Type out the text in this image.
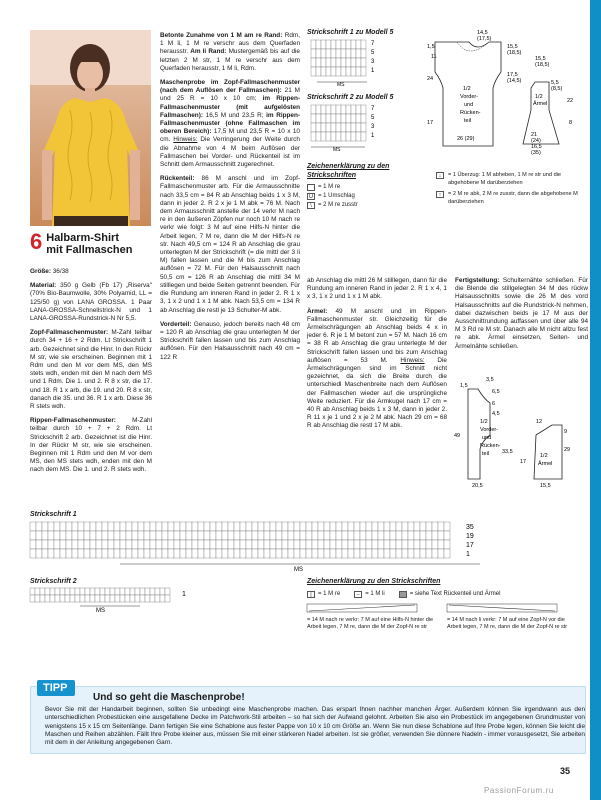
6 Halbarm-Shirt
mit Fallmaschen

Größe: 36/38

Material: 350 g Gelb (Fb 17) „Riserva" (70% Bio-Baumwolle, 30% Polyamid, LL = 125/50 g) von LANA GROSSA. 1 Paar LANA-GROSSA-Schnellstrick-N und 1 LANA-GROSSA-Rundstrick-N Nr 5,5.

Zopf-Fallmaschenmuster: M-Zahl teilbar durch 34 + 16 + 2 Rdm. Lt Strickschrift 1 arb. Gezeichnet sind die Hinr. In den Rückr M str, wie sie erscheinen. Beginnen mit 1 Rdm und den M vor dem MS, den MS stets wdh, enden mit den M nach dem MS und 1 Rdm. Die 1. und 2. R 8 x str, die 17. und 18. R 1 x arb, die 19. und 20. R 8 x str, danach die 35. und 36. R 1 x arb. Diese 36 R stets wdh.

Rippen-Fallmaschenmuster:	M-Zahl teilbar durch 10 + 7 + 2 Rdm. Lt Strickschrift 2 arb. Gezeichnet ist die Hinr. In der Rückr M str, wie sie erscheinen. Beginnen mit 1 Rdm und den M vor dem MS, den MS stets wdh, enden mit den M nach dem MS. Die 1. und 2. R stets wdh.

Betonte Zunahme von 1 M am re Rand: Rdm, 1 M li, 1 M re verschr aus dem Querfaden herausstr. Am li Rand: Mustergemäß bis auf die letzten 2 M str, 1 M re verschr aus dem Querfaden herausstr, 1 M li, Rdm.

Maschenprobe im Zopf-Fallmaschenmuster (nach dem Auflösen der Fallmaschen): 21 M und 25 R = 10 x 10 cm; im Rippen-Fallmaschenmuster (mit aufgelösten Fallmaschen): 16,5 M und 23,5 R; im Rippen-Fallmaschenmuster (ohne Fallmaschen im oberen Bereich): 17,5 M und 23,5 R = 10 x 10 cm. Hinweis: Die Verringerung der Weite durch die Abnahme von 4 M beim Auflösen der Fallmaschen bei Vorder- und Rückenteil ist im Schnitt dem Armausschnitt zugerechnet.

Rückenteil: 86 M anschl und im Zopf-Fallmaschenmuster arb. Für die Armausschnitte nach 33,5 cm = 84 R ab Anschlag beids 1 x 3 M, dann in jeder 2. R 2 x je 1 M abk = 76 M. Nach dem Armausschnitt anstelle der 14 verkr M nach re in den äußeren Zöpfen nur noch 10 M nach re verkr wie folgt: 3 M auf eine Hilfs-N hinter die Arbeit legen, 7 M re, dann die M der Hilfs-N re str. Nach 49,5 cm = 124 R ab Anschlag die grau unterlegten M der Strickschrift (= die mittl der 3 li M) fallen lassen und die M bis zum Anschlag auflösen = 72 M. Für den Halsausschnitt nach 50,5 cm = 126 R ab Anschlag die mittl 34 M stilllegen und beide Seiten getrennt beenden. Für die Rundung am inneren Rand in jeder 2. R 1 x 3, 1 x 2 und 1 x 1 M abk. Nach 53,5 cm = 134 R ab Anschlag die restl je 13 Schulter-M abk.

Vorderteil: Genauso, jedoch bereits nach 48 cm = 120 R ab Anschlag die grau unterlegten M der Strickschrift fallen lassen und bis zum Anschlag auflösen. Für den Halsausschnitt nach 49 cm = 122 R

ab Anschlag die mittl 26 M stilllegen, dann für die Rundung am inneren Rand in jeder 2. R 1 x 4, 1 x 3, 1 x 2 und 1 x 1 M abk.

Ärmel: 49 M anschl und im Rippen-Fallmaschenmuster str. Gleichzeitig für die Ärmelschrägungen ab Anschlag beids 4 x in jeder 6. R je 1 M betont zun = 57 M. Nach 16 cm = 38 R ab Anschlag die grau unterlegte M der Strickschrift fallen lassen und bis zum Anschlag auflösen = 53 M. Hinweis: Die Ärmelschrägungen sind im Schnitt nicht gezeichnet, da sich die Breite durch die unterschiedl Maschenbreite nach dem Auflösen der Fallmaschen wieder auf die ursprüngliche Weite reduziert. Für die Armkugel nach 17 cm = 40 R ab Anschlag beids 1 x 3 M, dann in jeder 2. R 11 x je 1 und 2 x je 2 M abk. Nach 29 cm = 68 R ab Anschlag die restl 17 M abk.

Fertigstellung: Schulternähte schließen. Für die Blende die stillgelegten 34 M des rückw Halsausschnitts sowie die 26 M des vord Halsausschnitts auf die Rundstrick-N nehmen, dabei dazwischen beids je 17 M aus der Ausschnittrundung auffassen und über alle 94 M 3 Rd re M str. Danach alle M nicht allzu fest re abk. Ärmel einsetzen, Seiten- und Ärmelnähte schließen.

Strickschrift 1 zu Modell 5
MS
7
5
3
1
Strickschrift 2 zu Modell 5
MS
7
5
3
1
Zeichenerklärung zu den Strickschriften
= 1 M re
U = 1 Umschlag
\	= 2 M re zusstr
14,5
(17,5)
1,5
11
15,5
(18,5)
24
17,5
(14,5)
1/2
Vorder-
und
Rücken-
teil
17
26 (29)
15,5
(18,5)
5,5
(8,5)
1/2
Ärmel	22
8
21
(24)
16,5
(35)
↓	= 1 Überzug: 1 M abheben, 1 M re str und die abgehobene M darüberziehen
↑	= 2 M re abk, 2 M re zusstr, dann die abgehobene M darüberziehen
3,5
1,5
6,5
6
4,5
49
1/2
Vorder-
und
Rücken-
teil 33,5
20,5
12
9
29
17
1/2
Ärmel
15,5
Strickschrift 1
MS
35
19
17
1
Strickschrift 2
MS
1
Zeichenerklärung zu den Strickschriften
|	= 1 M re	– = 1 M li	= siehe Text Rückenteil und Ärmel
= 14 M nach re verkr: 7 M auf eine Hilfs-N hinter die Arbeit legen, 7 M re, dann die M der Zopf-N re str
= 14 M nach li verkr: 7 M auf eine Zopf-N vor die Arbeit legen, 7 M re, dann die M der Zopf-N re str
TIPP
Und so geht die Maschenprobe!
Bevor Sie mit der Handarbeit beginnen, sollten Sie unbedingt eine Maschenprobe machen. Das erspart Ihnen nachher manchen Ärger. Außerdem können Sie irgendwann aus den unterschiedlichen Probestücken eine ausgefallene Decke im Patchwork-Stil arbeiten – so hat sich der Aufwand gelohnt. Arbeiten Sie also ein Probestück im angegebenen Grundmuster von wenigstens 15 x 15 cm Seitenlänge. Dann fertigen Sie eine Schablone aus fester Pappe von 10 x 10 cm Größe an. Wenn Sie nun diese Schablone auf Ihre Probe legen, können Sie leicht die Maschen und Reihen abzählen. Fällt Ihre Probe kleiner aus, müssen Sie mit einer stärkeren Nadel arbeiten. Ist sie größer, verwenden Sie dünnere Nadeln - immer vorausgesetzt, Sie arbeiten mit dem in der Anleitung angegebenen Garn.
35
PassionForum.ru
